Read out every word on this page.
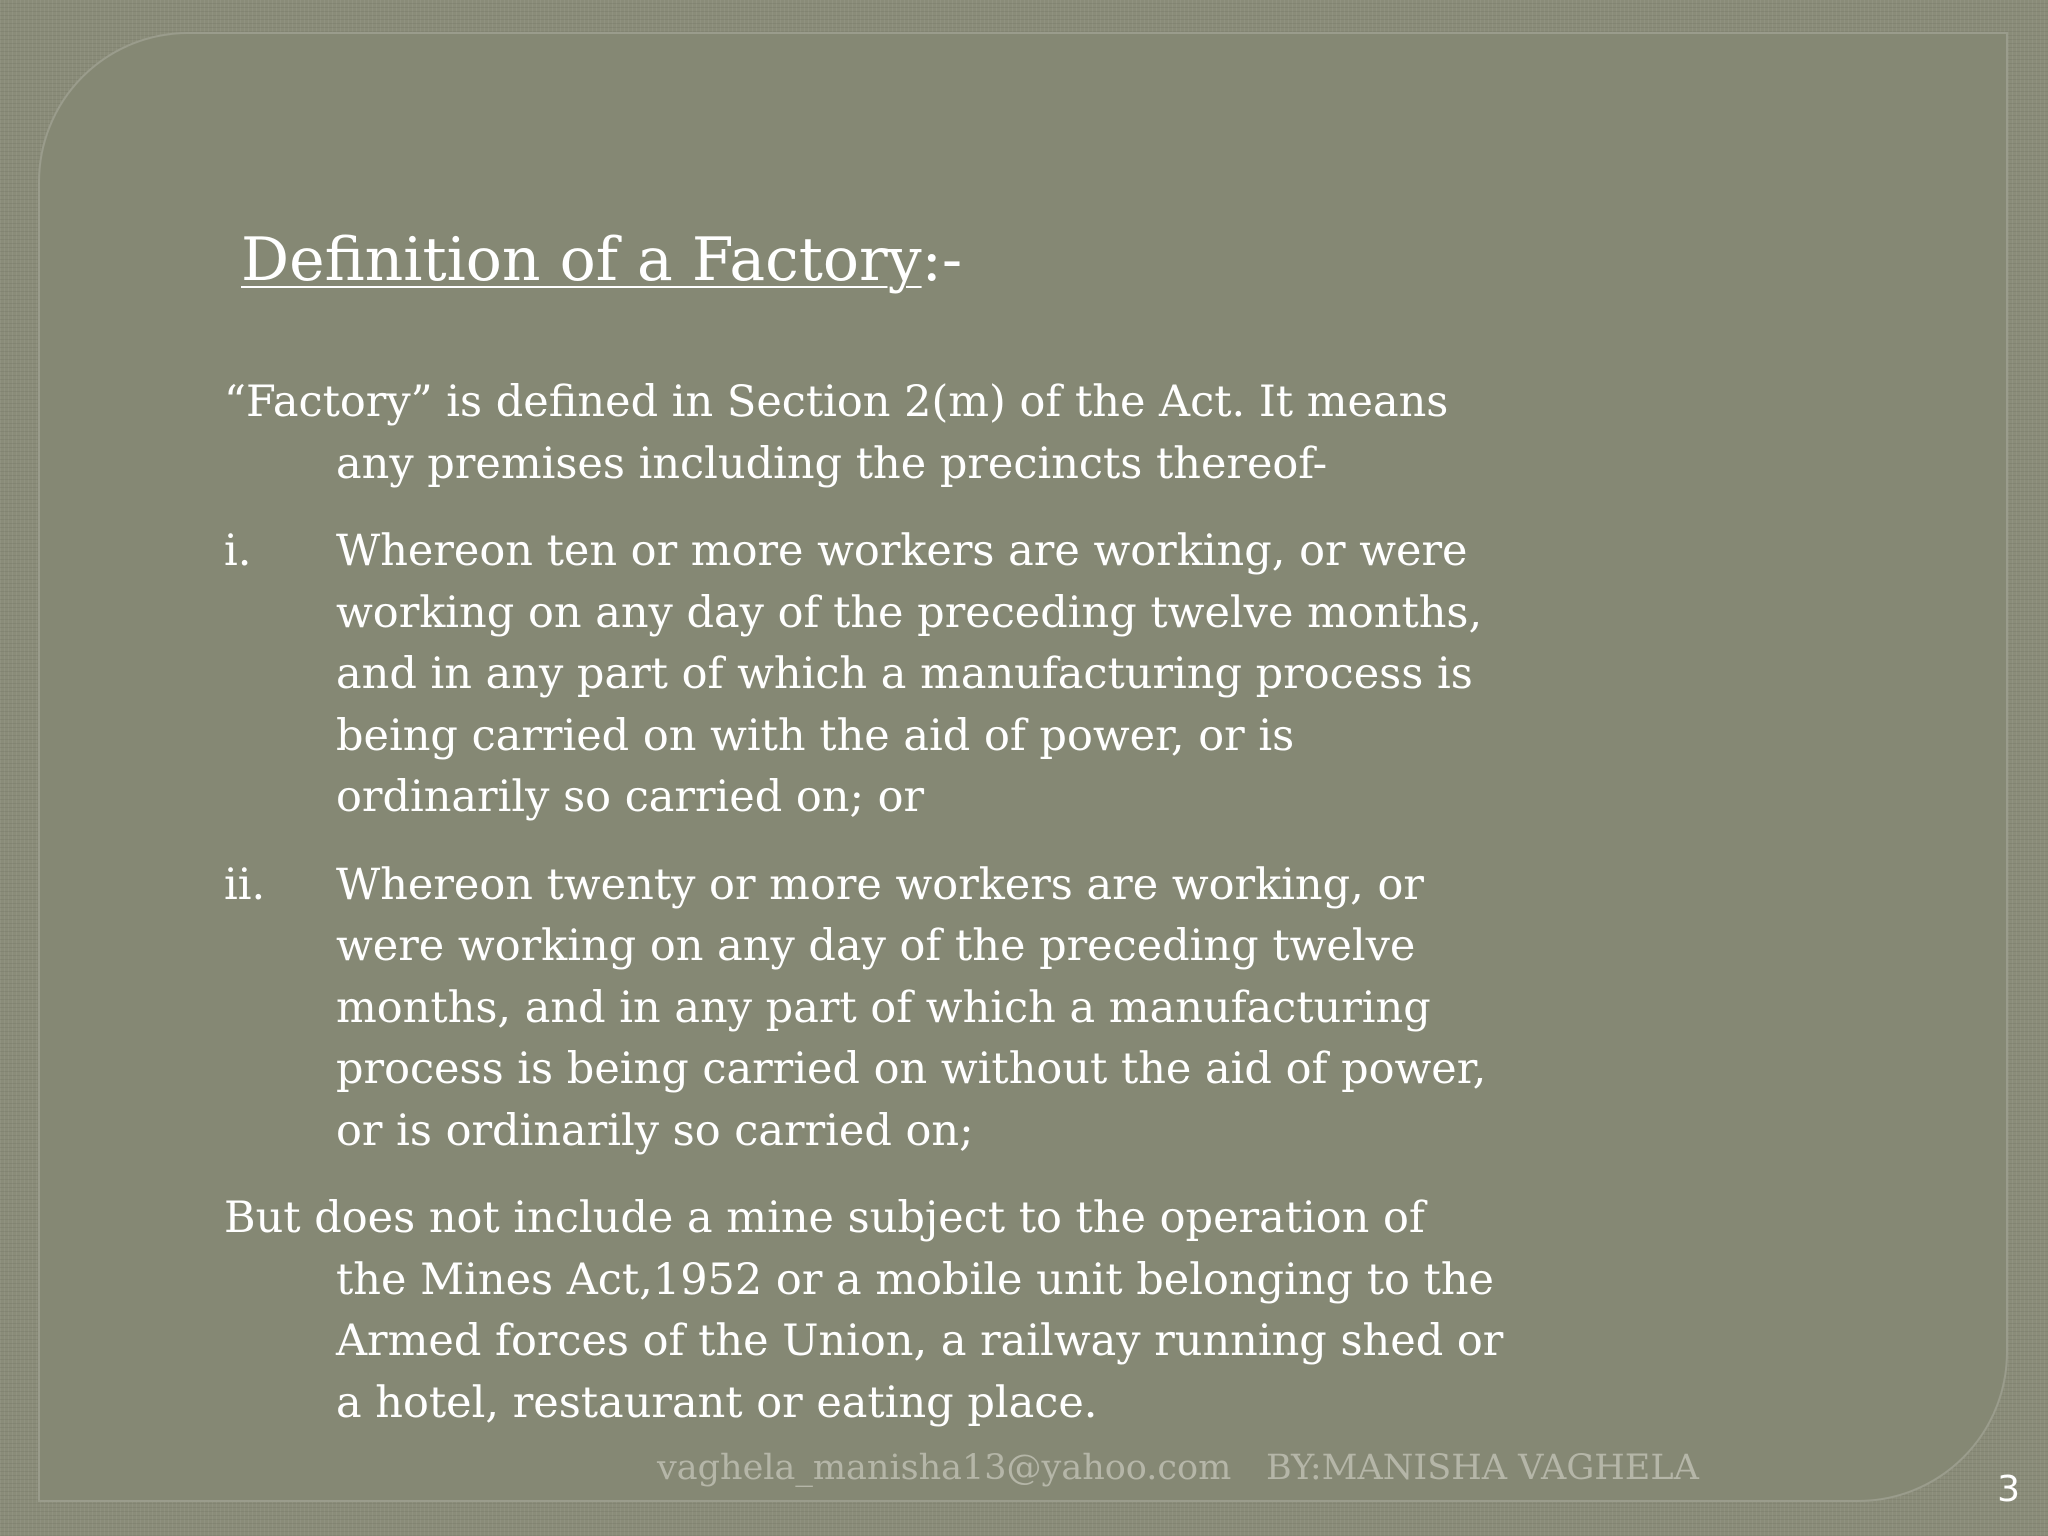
Definition of a Factory:-
“Factory” is defined in Section 2(m) of the Act. It means
any premises including the precincts thereof-
i.	Whereon ten or more workers are working, or were
working on any day of the preceding twelve months,
and in any part of which a manufacturing process is
being carried on with the aid of power, or is
ordinarily so carried on; or
ii.	Whereon twenty or more workers are working, or
were working on any day of the preceding twelve
months, and in any part of which a manufacturing
process is being carried on without the aid of power,
or is ordinarily so carried on;
But does not include a mine subject to the operation of
the Mines Act,1952 or a mobile unit belonging to the
Armed forces of the Union, a railway running shed or
a hotel, restaurant or eating place.
vaghela_manisha13@yahoo.com BY:MANISHA VAGHELA
3
